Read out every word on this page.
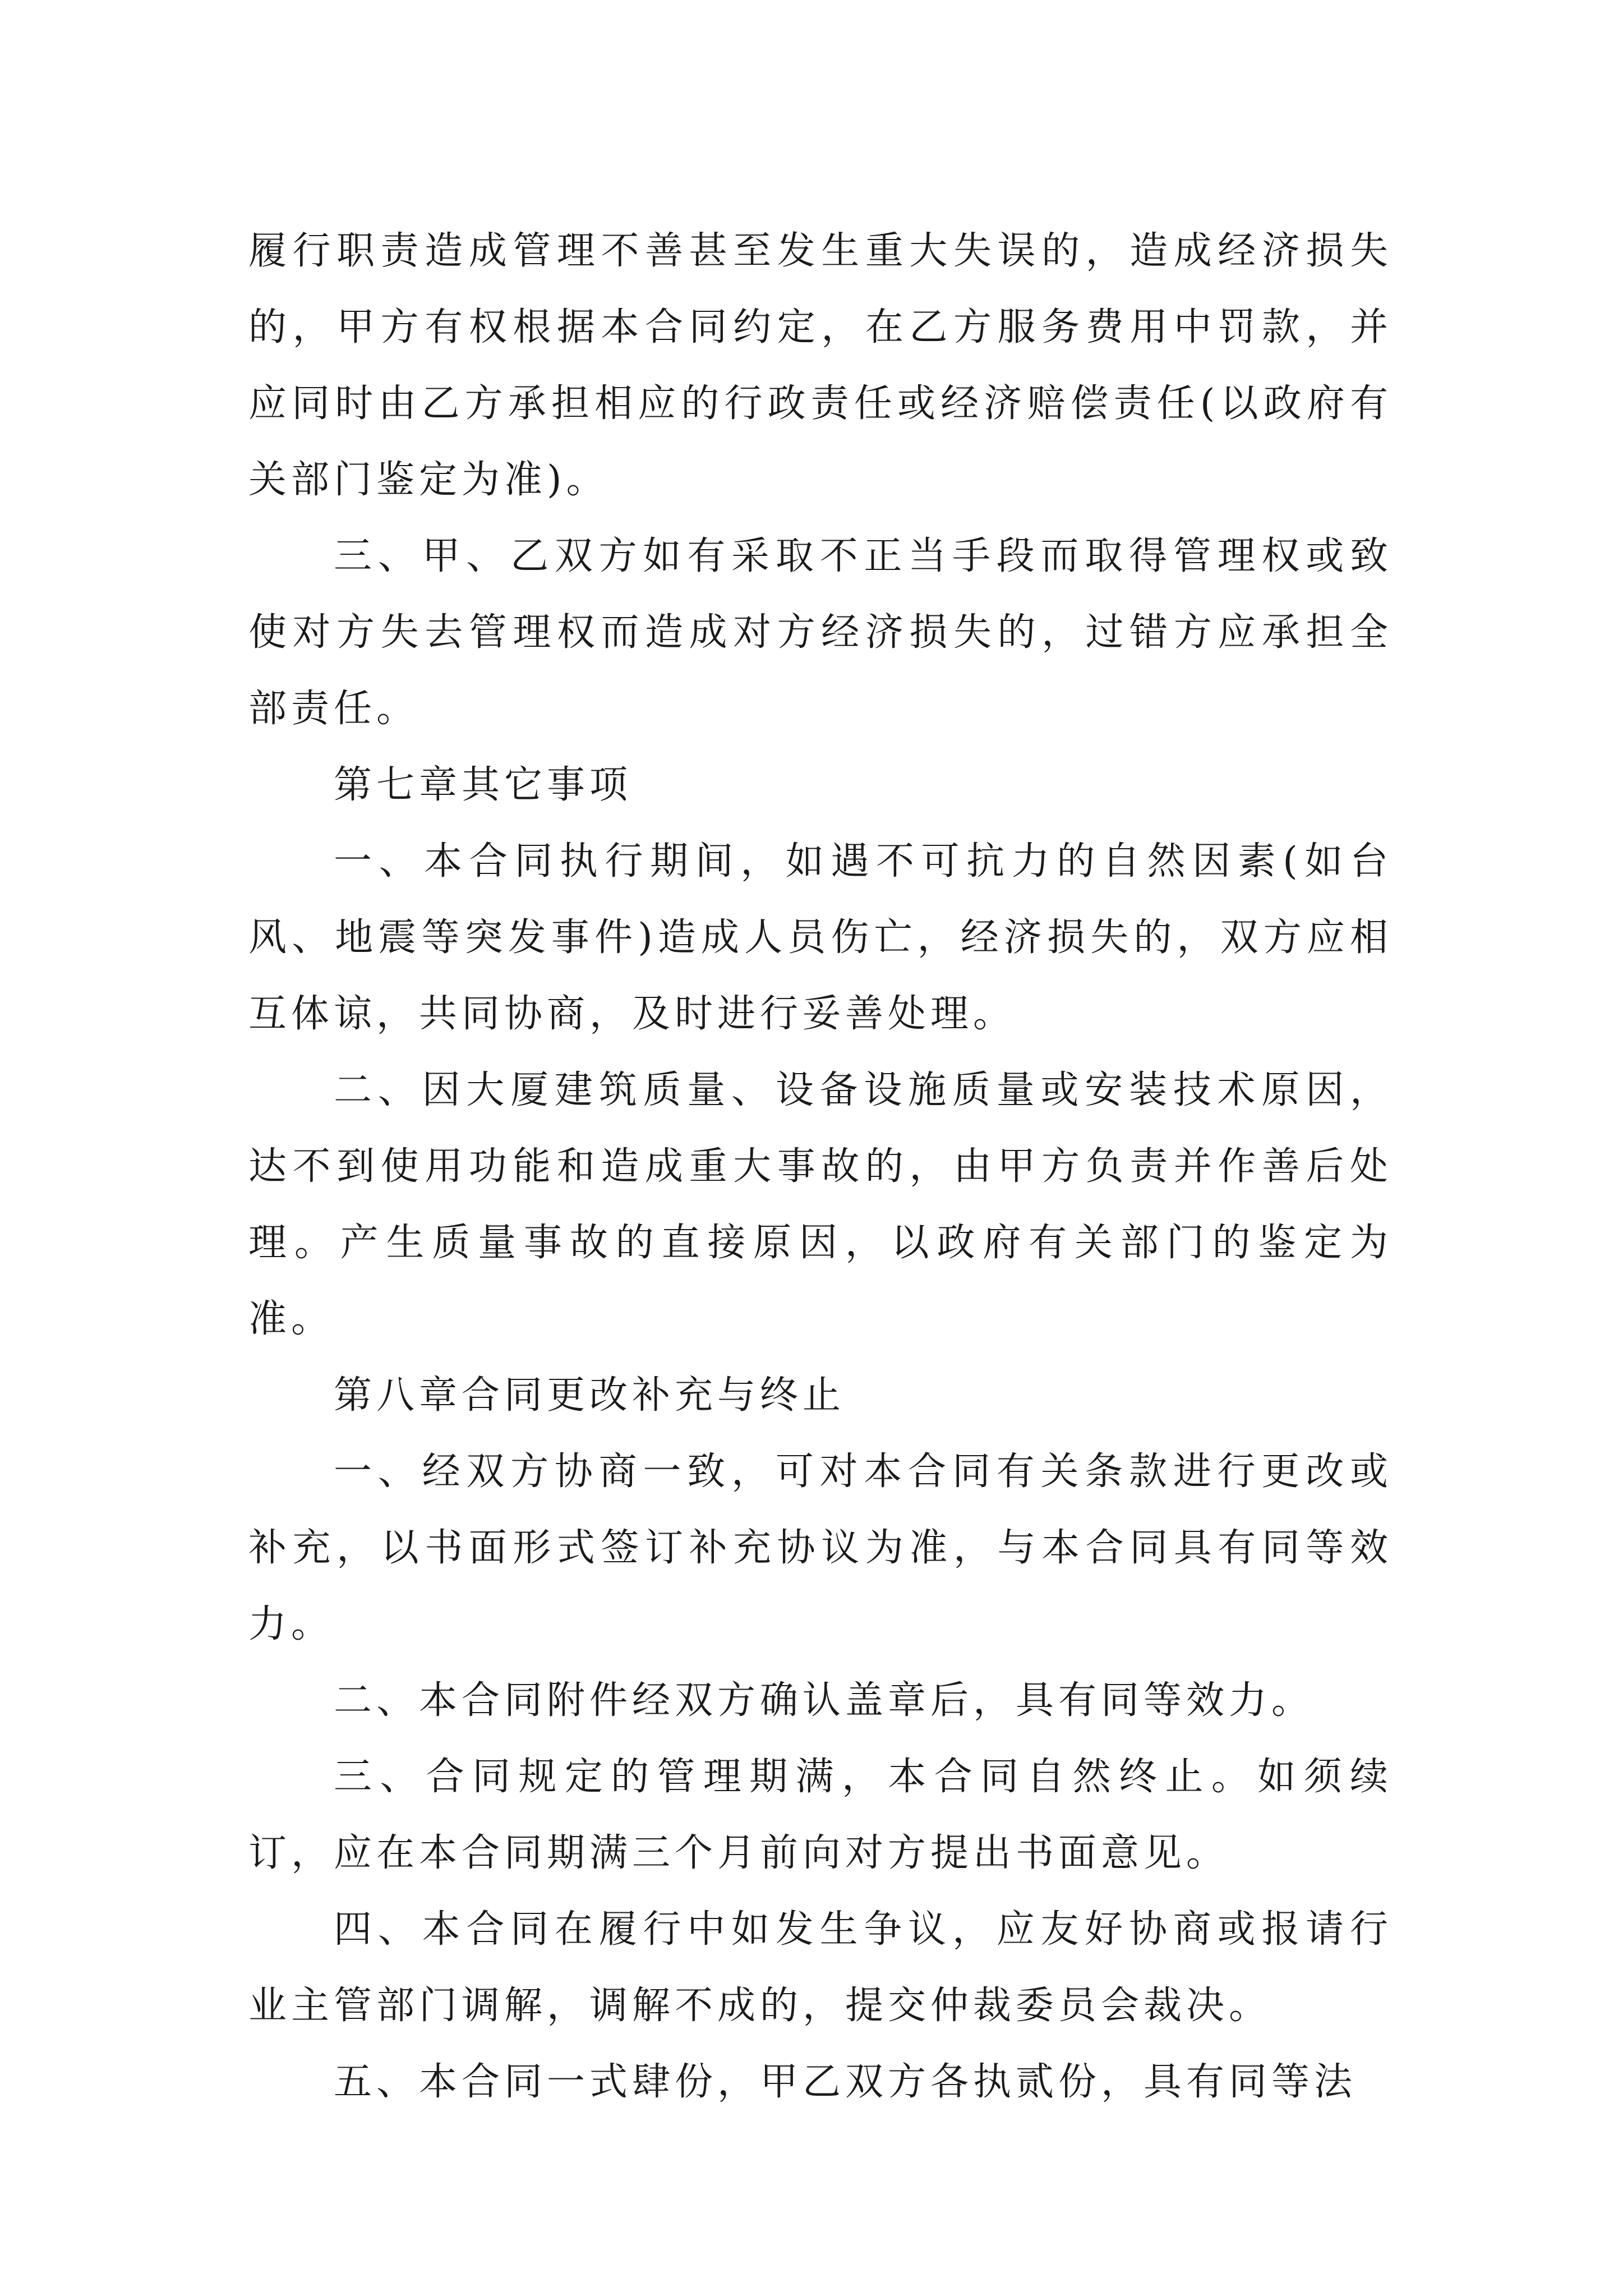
履行职责造成管理不善甚至发生重大失误的，造成经济损失的，甲方有权根据本合同约定，在乙方服务费用中罚款，并应同时由乙方承担相应的行政责任或经济赔偿责任(以政府有关部门鉴定为准)。

三、甲、乙双方如有采取不正当手段而取得管理权或致使对方失去管理权而造成对方经济损失的，过错方应承担全部责任。

第七章其它事项

一、本合同执行期间，如遇不可抗力的自然因素(如台风、地震等突发事件)造成人员伤亡，经济损失的，双方应相互体谅，共同协商，及时进行妥善处理。

二、因大厦建筑质量、设备设施质量或安装技术原因，达不到使用功能和造成重大事故的，由甲方负责并作善后处理。产生质量事故的直接原因，以政府有关部门的鉴定为准。

第八章合同更改补充与终止

一、经双方协商一致，可对本合同有关条款进行更改或补充，以书面形式签订补充协议为准，与本合同具有同等效力。

二、本合同附件经双方确认盖章后，具有同等效力。

三、合同规定的管理期满，本合同自然终止。如须续订，应在本合同期满三个月前向对方提出书面意见。

四、本合同在履行中如发生争议，应友好协商或报请行业主管部门调解，调解不成的，提交仲裁委员会裁决。

五、本合同一式肆份，甲乙双方各执贰份，具有同等法
